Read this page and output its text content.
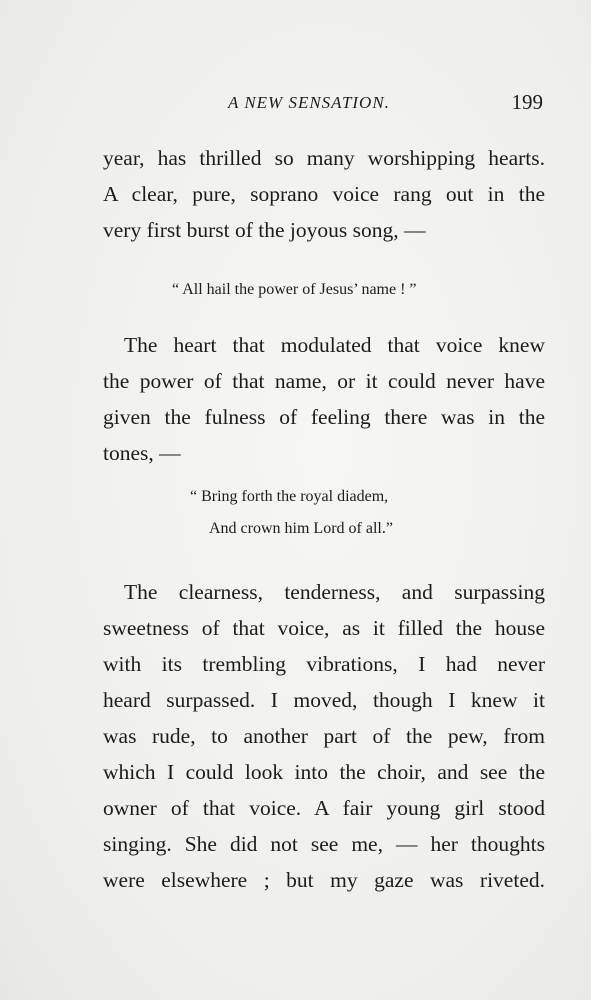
A NEW SENSATION.	199
year, has thrilled so many worshipping hearts.
A clear, pure, soprano voice rang out in the
very first burst of the joyous song, —
“ All hail the power of Jesus’ name ! ”
The heart that modulated that voice knew
the power of that name, or it could never have
given the fulness of feeling there was in the
tones, —
“ Bring forth the royal diadem,
And crown him Lord of all.”
The clearness, tenderness, and surpassing
sweetness of that voice, as it filled the house
with its trembling vibrations, I had never
heard surpassed. I moved, though I knew it
was rude, to another part of the pew, from
which I could look into the choir, and see the
owner of that voice. A fair young girl stood
singing. She did not see me, — her thoughts
were elsewhere ; but my gaze was riveted.
